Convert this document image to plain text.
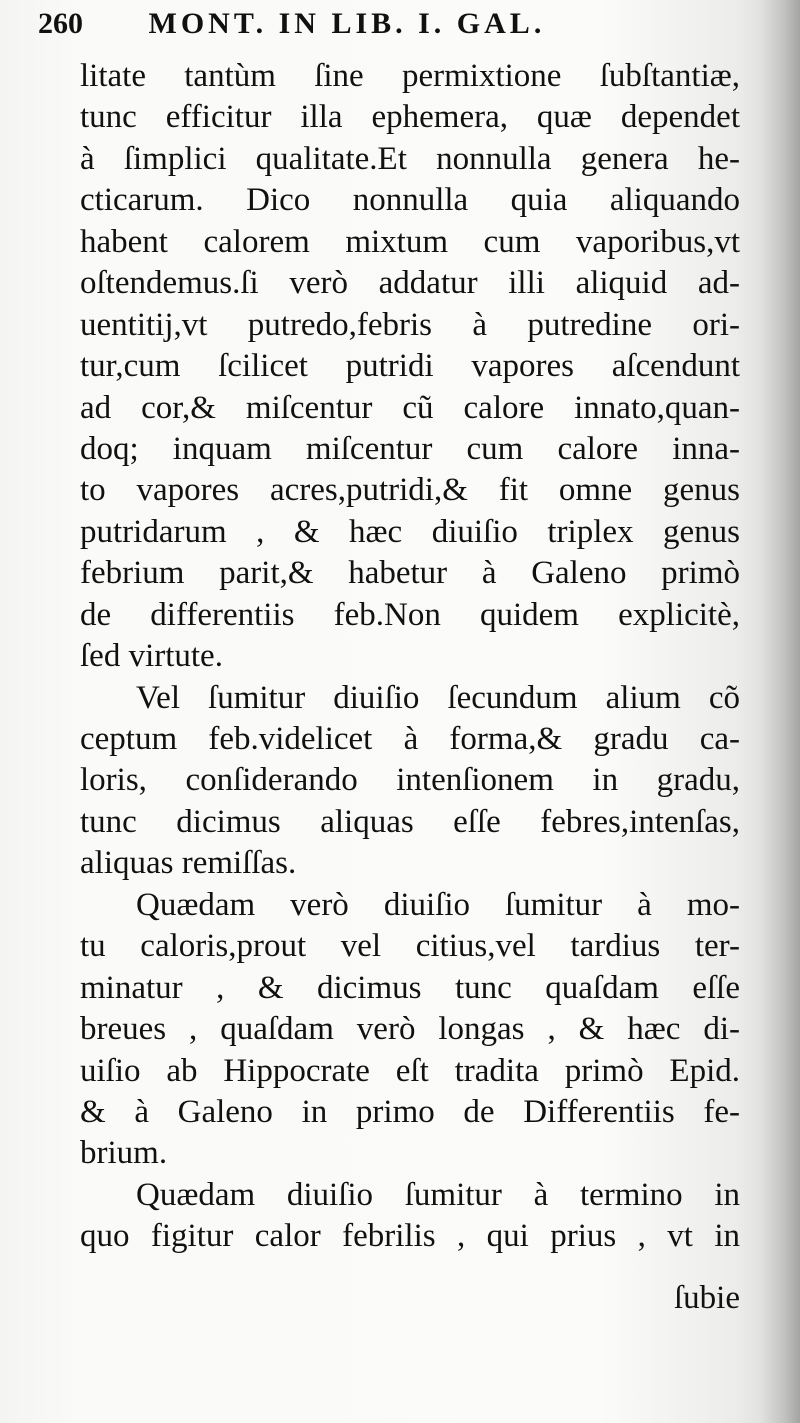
260 MONT. IN LIB. I. GAL.
litate tantùm ſine permixtione ſubſtantiæ,
tunc efficitur illa ephemera, quæ dependet
à ſimplici qualitate.Et nonnulla genera he-
cticarum. Dico nonnulla quia aliquando
habent calorem mixtum cum vaporibus,vt
oſtendemus.ſi verò addatur illi aliquid ad-
uentitij,vt putredo,febris à putredine ori-
tur,cum ſcilicet putridi vapores aſcendunt
ad cor,& miſcentur cũ calore innato,quan-
doq; inquam miſcentur cum calore inna-
to vapores acres,putridi,& fit omne genus
putridarum , & hæc diuiſio triplex genus
febrium parit,& habetur à Galeno primò
de differentiis feb.Non quidem explicitè,
ſed virtute.
Vel ſumitur diuiſio ſecundum alium cõ
ceptum feb.videlicet à forma,& gradu ca-
loris, conſiderando intenſionem in gradu,
tunc dicimus aliquas eſſe febres,intenſas,
aliquas remiſſas.
Quædam verò diuiſio ſumitur à mo-
tu caloris,prout vel citius,vel tardius ter-
minatur , & dicimus tunc quaſdam eſſe
breues , quaſdam verò longas , & hæc di-
uiſio ab Hippocrate eſt tradita primò Epid.
& à Galeno in primo de Differentiis fe-
brium.
Quædam diuiſio ſumitur à termino in
quo figitur calor febrilis , qui prius , vt in
ſubie
